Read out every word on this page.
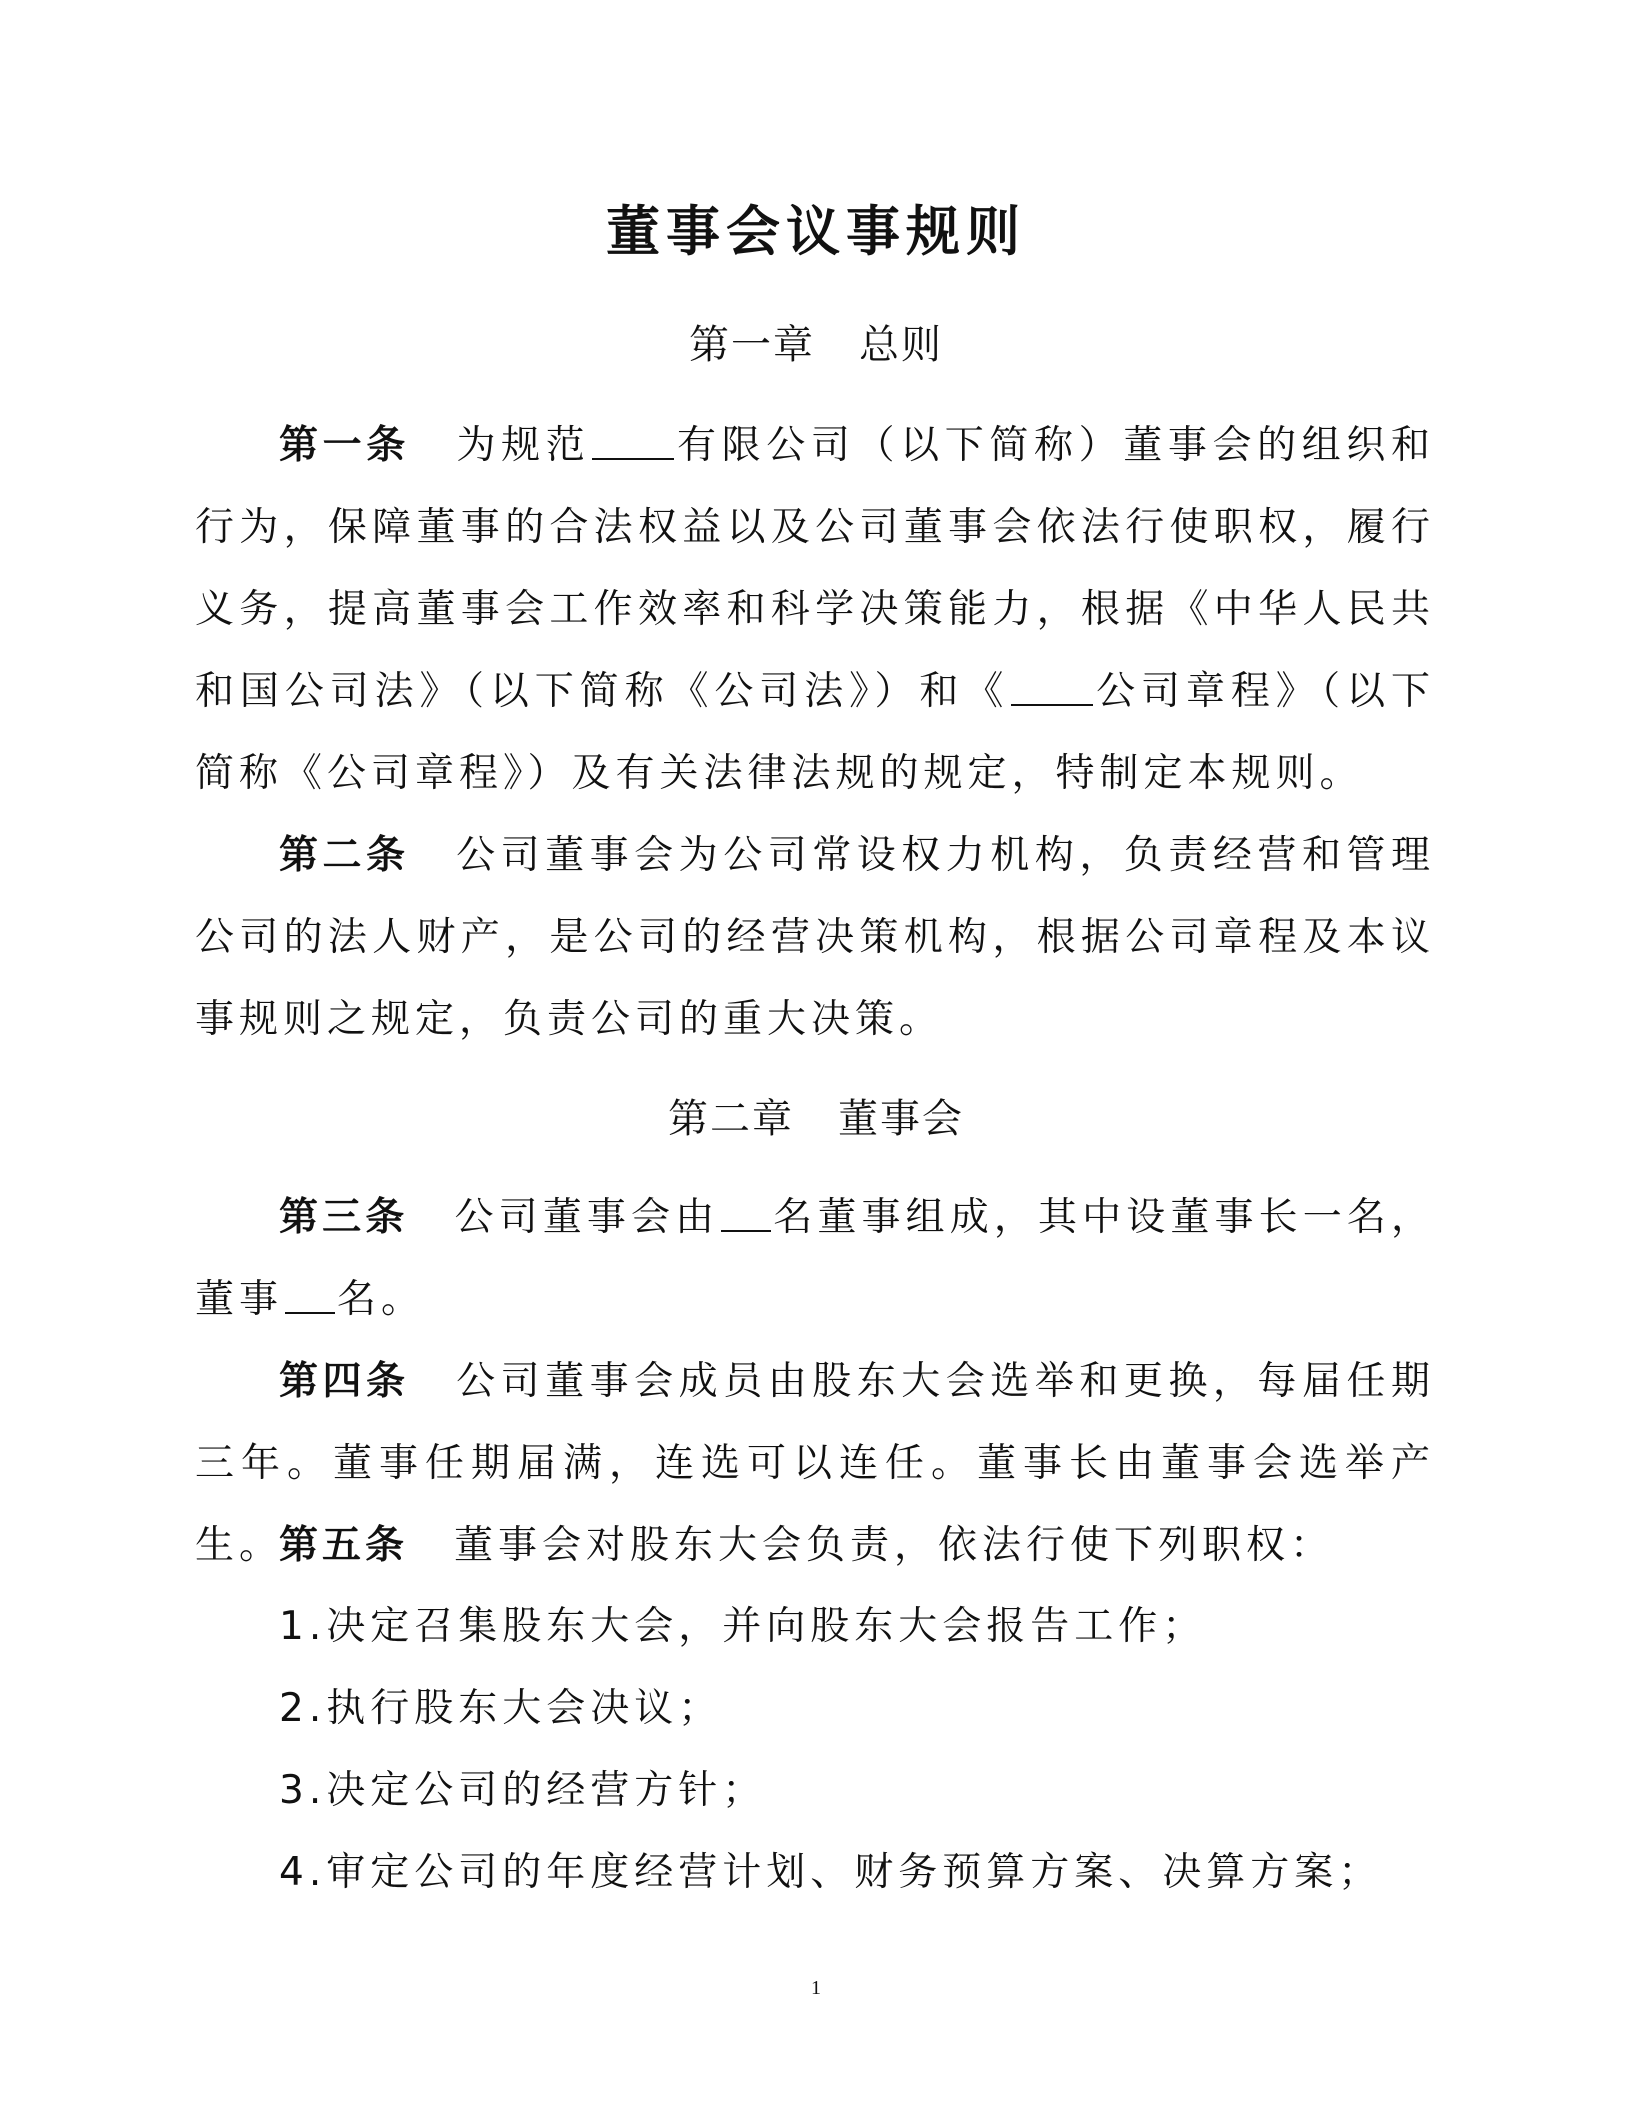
董事会议事规则
第一章 总则
第一条 为规范 有限公司（以下简称）董事会的组织和行为，保障董事的合法权益以及公司董事会依法行使职权，履行义务，提高董事会工作效率和科学决策能力，根据《中华人民共和国公司法》（以下简称《公司法》）和《 公司章程》（以下简称《公司章程》）及有关法律法规的规定，特制定本规则。
第二条 公司董事会为公司常设权力机构，负责经营和管理公司的法人财产，是公司的经营决策机构，根据公司章程及本议事规则之规定，负责公司的重大决策。
第二章 董事会
第三条 公司董事会由 名董事组成，其中设董事长一名，董事 名。
第四条 公司董事会成员由股东大会选举和更换，每届任期三年。董事任期届满，连选可以连任。董事长由董事会选举产生。
第五条 董事会对股东大会负责，依法行使下列职权：
1.决定召集股东大会，并向股东大会报告工作；
2.执行股东大会决议；
3.决定公司的经营方针；
4.审定公司的年度经营计划、财务预算方案、决算方案；
1
